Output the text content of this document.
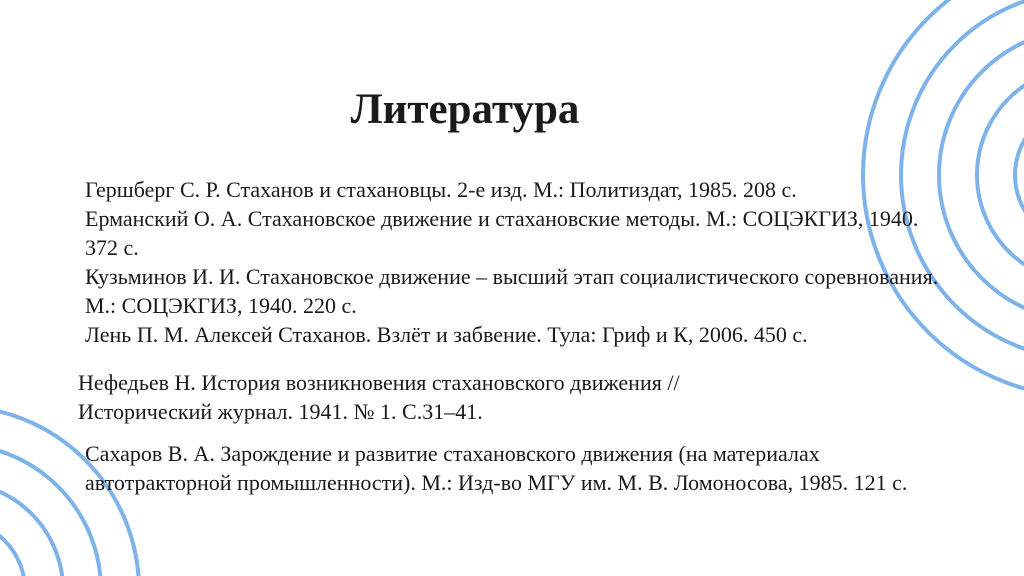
Литература
Гершберг С. Р. Стаханов и стахановцы. 2-е изд. М.: Политиздат, 1985. 208 с.
Ерманский О. А. Стахановское движение и стахановские методы. М.: СОЦЭКГИЗ, 1940. 372 с.
Кузьминов И. И. Стахановское движение – высший этап социалистического соревнования. М.: СОЦЭКГИЗ, 1940. 220 с.
Лень П. М. Алексей Стаханов. Взлёт и забвение. Тула: Гриф и К, 2006. 450 с.
Нефедьев Н. История возникновения стахановского движения // Исторический журнал. 1941. № 1. С.31–41.
Сахаров В. А. Зарождение и развитие стахановского движения (на материалах автотракторной промышленности). М.: Изд-во МГУ им. М. В. Ломоносова, 1985. 121 с.
